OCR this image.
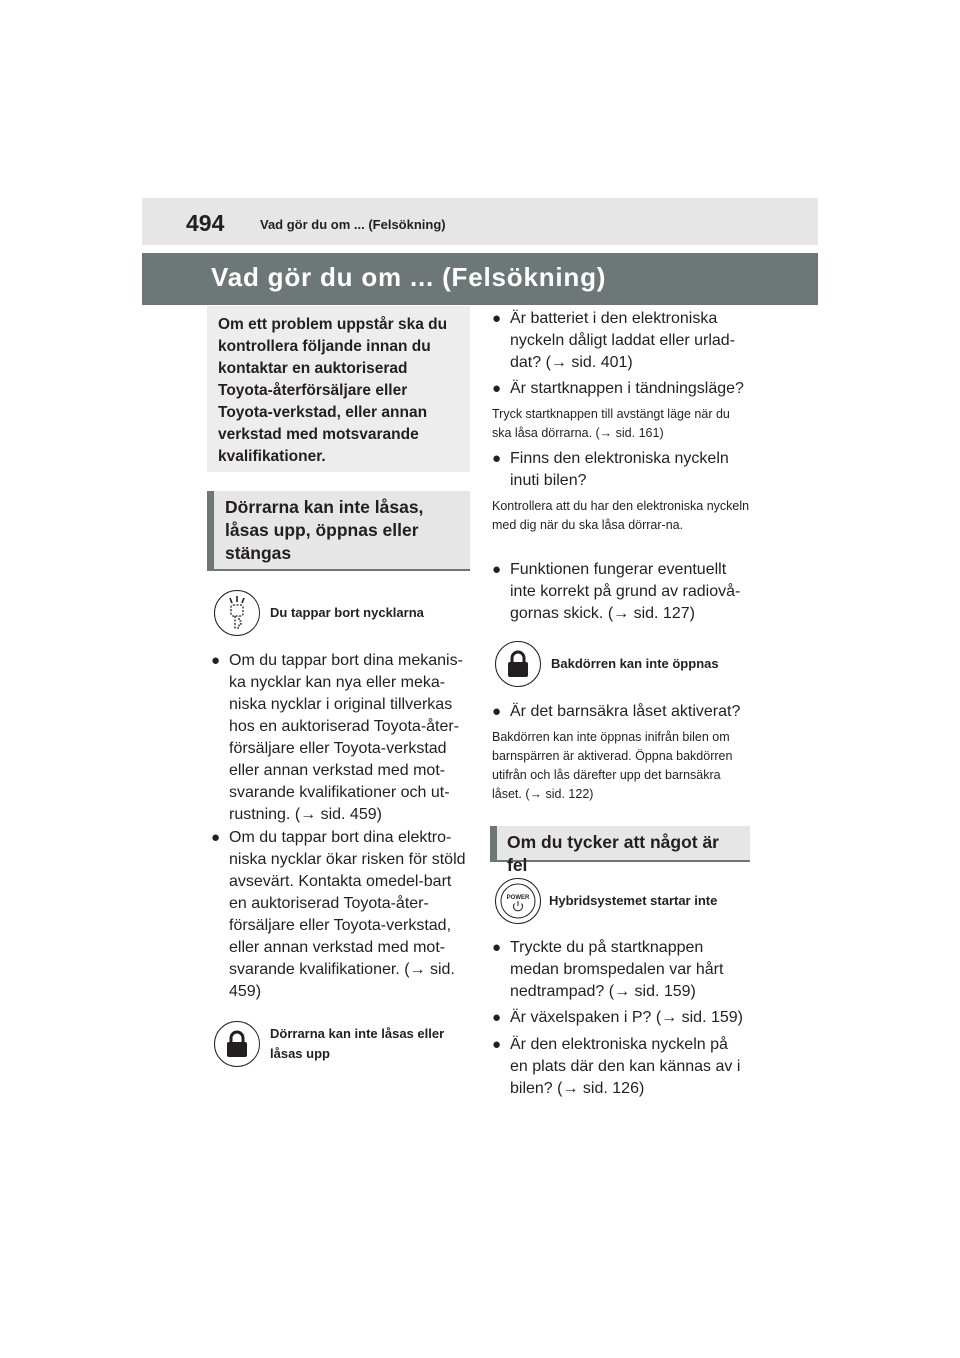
494	Vad gör du om ... (Felsökning)

Vad gör du om ... (Felsökning)

Om ett problem uppstår ska du kontrollera följande innan du kontaktar en auktoriserad Toyota-återförsäljare eller Toyota-verkstad, eller annan verkstad med motsvarande kvalifikationer.

Dörrarna kan inte låsas, låsas upp, öppnas eller stängas

Du tappar bort nycklarna

● Om du tappar bort dina mekanis-ka nycklar kan nya eller meka-niska nycklar i original tillverkas hos en auktoriserad Toyota-åter-försäljare eller Toyota-verkstad eller annan verkstad med mot-svarande kvalifikationer och ut-rustning. (→ sid. 459)

● Om du tappar bort dina elektro-niska nycklar ökar risken för stöld avsevärt. Kontakta omedel-bart en auktoriserad Toyota-åter-försäljare eller Toyota-verkstad, eller annan verkstad med mot-svarande kvalifikationer. (→ sid. 459)

Dörrarna kan inte låsas eller låsas upp

● Är batteriet i den elektroniska nyckeln dåligt laddat eller urlad-dat? (→ sid. 401)

● Är startknappen i tändningsläge?

Tryck startknappen till avstängt läge när du ska låsa dörrarna. (→ sid. 161)

● Finns den elektroniska nyckeln inuti bilen?

Kontrollera att du har den elektroniska nyckeln med dig när du ska låsa dörrar-na.

● Funktionen fungerar eventuellt inte korrekt på grund av radiovå-gornas skick. (→ sid. 127)

Bakdörren kan inte öppnas

● Är det barnsäkra låset aktiverat?

Bakdörren kan inte öppnas inifrån bilen om barnspärren är aktiverad. Öppna bakdörren utifrån och lås därefter upp det barnsäkra låset. (→ sid. 122)

Om du tycker att något är fel
POWER Hybridsystemet startar inte

● Tryckte du på startknappen medan bromspedalen var hårt nedtrampad? (→ sid. 159)

● Är växelspaken i P? (→ sid. 159)

● Är den elektroniska nyckeln på en plats där den kan kännas av i bilen? (→ sid. 126)
